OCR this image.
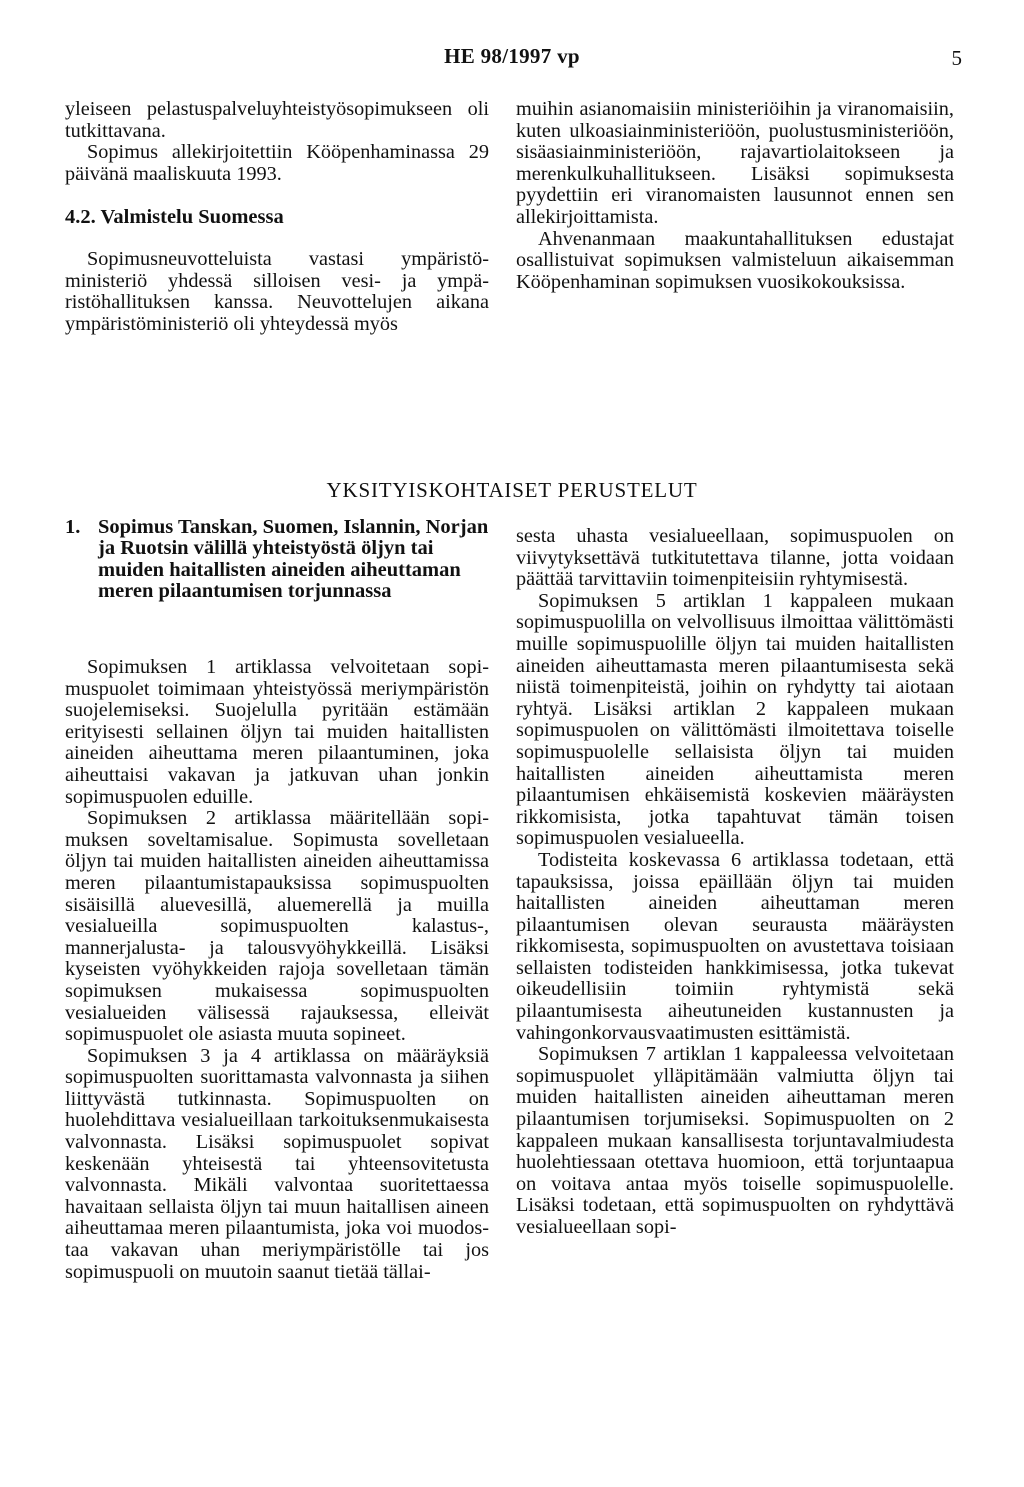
HE 98/1997 vp	5

yleiseen pelastuspalveluyhteistyösopimukseen oli tutkittavana.

Sopimus allekirjoitettiin Kööpenhaminassa 29 päivänä maaliskuuta 1993.

4.2. Valmistelu Suomessa

Sopimusneuvotteluista vastasi ympäristöministeriö yhdessä silloisen vesi- ja ympäristöhallituksen kanssa. Neuvottelujen aikana ympäristöministeriö oli yhteydessä myös

muihin asianomaisiin ministeriöihin ja viranomaisiin, kuten ulkoasiainministeriöön, puolustusministeriöön, sisäasiainministeriöön, rajavartiolaitokseen ja merenkulkuhallitukseen. Lisäksi sopimuksesta pyydettiin eri viranomaisten lausunnot ennen sen allekirjoittamista.

Ahvenanmaan maakuntahallituksen edustajat osallistuivat sopimuksen valmisteluun aikaisemman Kööpenhaminan sopimuksen vuosikokouksissa.

YKSITYISKOHTAISET PERUSTELUT
1. Sopimus Tanskan, Suomen, Islannin, Norjan ja Ruotsin välillä yhteistyöstä öljyn tai muiden haitallisten aineiden aiheuttaman meren pilaantumisen torjunnassa

Sopimuksen 1 artiklassa velvoitetaan sopimuspuolet toimimaan yhteistyössä meriympäristön suojelemiseksi. Suojelulla pyritään estämään erityisesti sellainen öljyn tai muiden haitallisten aineiden aiheuttama meren pilaantuminen, joka aiheuttaisi vakavan ja jatkuvan uhan jonkin sopimuspuolen eduille.

Sopimuksen 2 artiklassa määritellään sopimuksen soveltamisalue. Sopimusta sovelletaan öljyn tai muiden haitallisten aineiden aiheuttamissa meren pilaantumistapauksissa sopimuspuolten sisäisillä aluevesillä, aluemerellä ja muilla vesialueilla sopimuspuolten kalastus-, mannerjalusta- ja talousvyöhykkeillä. Lisäksi kyseisten vyöhykkeiden rajoja sovelletaan tämän sopimuksen mukaisessa sopimuspuolten vesialueiden välisessä rajauksessa, elleivät sopimuspuolet ole asiasta muuta sopineet.

Sopimuksen 3 ja 4 artiklassa on määräyksiä sopimuspuolten suorittamasta valvonnasta ja siihen liittyvästä tutkinnasta. Sopimuspuolten on huolehdittava vesialueillaan tarkoituksenmukaisesta valvonnasta. Lisäksi sopimuspuolet sopivat keskenään yhteisestä tai yhteensovitetusta valvonnasta. Mikäli valvontaa suoritettaessa havaitaan sellaista öljyn tai muun haitallisen aineen aiheuttamaa meren pilaantumista, joka voi muodostaa vakavan uhan meriympäristölle tai jos sopimuspuoli on muutoin saanut tietää tällai-

sesta uhasta vesialueellaan, sopimuspuolen on viivytyksettävä tutkitutettava tilanne, jotta voidaan päättää tarvittaviin toimenpiteisiin ryhtymisestä.

Sopimuksen 5 artiklan 1 kappaleen mukaan sopimuspuolilla on velvollisuus ilmoittaa välittömästi muille sopimuspuolille öljyn tai muiden haitallisten aineiden aiheuttamasta meren pilaantumisesta sekä niistä toimenpiteistä, joihin on ryhdytty tai aiotaan ryhtyä. Lisäksi artiklan 2 kappaleen mukaan sopimuspuolen on välittömästi ilmoitettava toiselle sopimuspuolelle sellaisista öljyn tai muiden haitallisten aineiden aiheuttamista meren pilaantumisen ehkäisemistä koskevien määräysten rikkomisista, jotka tapahtuvat tämän toisen sopimuspuolen vesialueella.

Todisteita koskevassa 6 artiklassa todetaan, että tapauksissa, joissa epäillään öljyn tai muiden haitallisten aineiden aiheuttaman meren pilaantumisen olevan seurausta määräysten rikkomisesta, sopimuspuolten on avustettava toisiaan sellaisten todisteiden hankkimisessa, jotka tukevat oikeudellisiin toimiin ryhtymistä sekä pilaantumisesta aiheutuneiden kustannusten ja vahingonkorvausvaatimusten esittämistä.

Sopimuksen 7 artiklan 1 kappaleessa velvoitetaan sopimuspuolet ylläpitämään valmiutta öljyn tai muiden haitallisten aineiden aiheuttaman meren pilaantumisen torjumiseksi. Sopimuspuolten on 2 kappaleen mukaan kansallisesta torjuntavalmiudesta huolehtiessaan otettava huomioon, että torjuntaapua on voitava antaa myös toiselle sopimuspuolelle. Lisäksi todetaan, että sopimuspuolten on ryhdyttävä vesialueellaan sopi-
